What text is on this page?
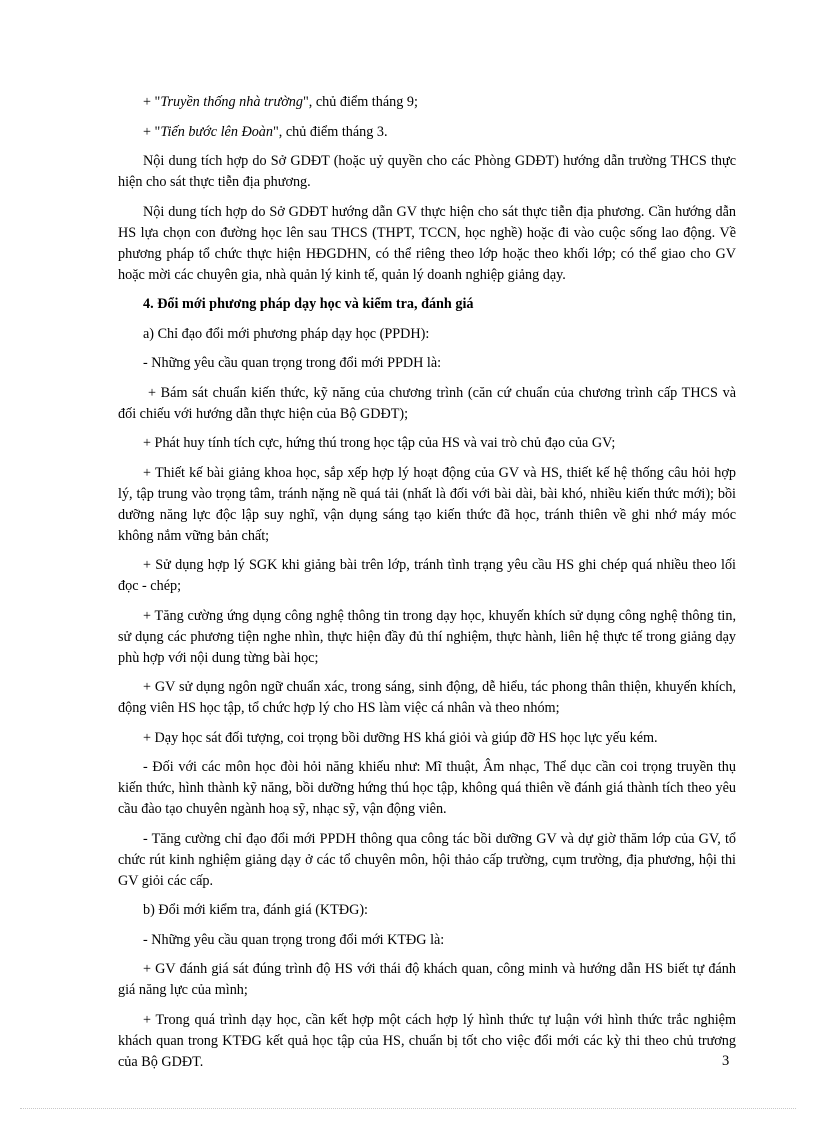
+ "Truyền thống nhà trường", chủ điểm tháng 9;

+ "Tiến bước lên Đoàn", chủ điểm tháng 3.

Nội dung tích hợp do Sở GDĐT (hoặc uỷ quyền cho các Phòng GDĐT) hướng dẫn trường THCS thực hiện cho sát thực tiễn địa phương.

Nội dung tích hợp do Sở GDĐT hướng dẫn GV thực hiện cho sát thực tiễn địa phương. Cần hướng dẫn HS lựa chọn con đường học lên sau THCS (THPT, TCCN, học nghề) hoặc đi vào cuộc sống lao động. Về phương pháp tổ chức thực hiện HĐGDHN, có thể riêng theo lớp hoặc theo khối lớp; có thể giao cho GV hoặc mời các chuyên gia, nhà quản lý kinh tế, quản lý doanh nghiệp giảng dạy.

4. Đổi mới phương pháp dạy học và kiểm tra, đánh giá

a) Chỉ đạo đổi mới phương pháp dạy học (PPDH):

- Những yêu cầu quan trọng trong đổi mới PPDH là:

+ Bám sát chuẩn kiến thức, kỹ năng của chương trình (căn cứ chuẩn của chương trình cấp THCS và đối chiếu với hướng dẫn thực hiện của Bộ GDĐT);

+ Phát huy tính tích cực, hứng thú trong học tập của HS và vai trò chủ đạo của GV;

+ Thiết kế bài giảng khoa học, sắp xếp hợp lý hoạt động của GV và HS, thiết kế hệ thống câu hỏi hợp lý, tập trung vào trọng tâm, tránh nặng nề quá tải (nhất là đối với bài dài, bài khó, nhiều kiến thức mới); bồi dưỡng năng lực độc lập suy nghĩ, vận dụng sáng tạo kiến thức đã học, tránh thiên về ghi nhớ máy móc không nắm vững bản chất;

+ Sử dụng hợp lý SGK khi giảng bài trên lớp, tránh tình trạng yêu cầu HS ghi chép quá nhiều theo lối đọc - chép;

+ Tăng cường ứng dụng công nghệ thông tin trong dạy học, khuyến khích sử dụng công nghệ thông tin, sử dụng các phương tiện nghe nhìn, thực hiện đầy đủ thí nghiệm, thực hành, liên hệ thực tế trong giảng dạy phù hợp với nội dung từng bài học;

+ GV sử dụng ngôn ngữ chuẩn xác, trong sáng, sinh động, dễ hiểu, tác phong thân thiện, khuyến khích, động viên HS học tập, tổ chức hợp lý cho HS làm việc cá nhân và theo nhóm;

+ Dạy học sát đối tượng, coi trọng bồi dưỡng HS khá giỏi và giúp đỡ HS học lực yếu kém.

- Đối với các môn học đòi hỏi năng khiếu như: Mĩ thuật, Âm nhạc, Thể dục cần coi trọng truyền thụ kiến thức, hình thành kỹ năng, bồi dưỡng hứng thú học tập, không quá thiên về đánh giá thành tích theo yêu cầu đào tạo chuyên ngành hoạ sỹ, nhạc sỹ, vận động viên.

- Tăng cường chỉ đạo đổi mới PPDH thông qua công tác bồi dưỡng GV và dự giờ thăm lớp của GV, tổ chức rút kinh nghiệm giảng dạy ở các tổ chuyên môn, hội thảo cấp trường, cụm trường, địa phương, hội thi GV giỏi các cấp.

b) Đổi mới kiểm tra, đánh giá (KTĐG):

- Những yêu cầu quan trọng trong đổi mới KTĐG là:

+ GV đánh giá sát đúng trình độ HS với thái độ khách quan, công minh và hướng dẫn HS biết tự đánh giá năng lực của mình;

+ Trong quá trình dạy học, cần kết hợp một cách hợp lý hình thức tự luận với hình thức trắc nghiệm khách quan trong KTĐG kết quả học tập của HS, chuẩn bị tốt cho việc đổi mới các kỳ thi theo chủ trương của Bộ GDĐT.	3
